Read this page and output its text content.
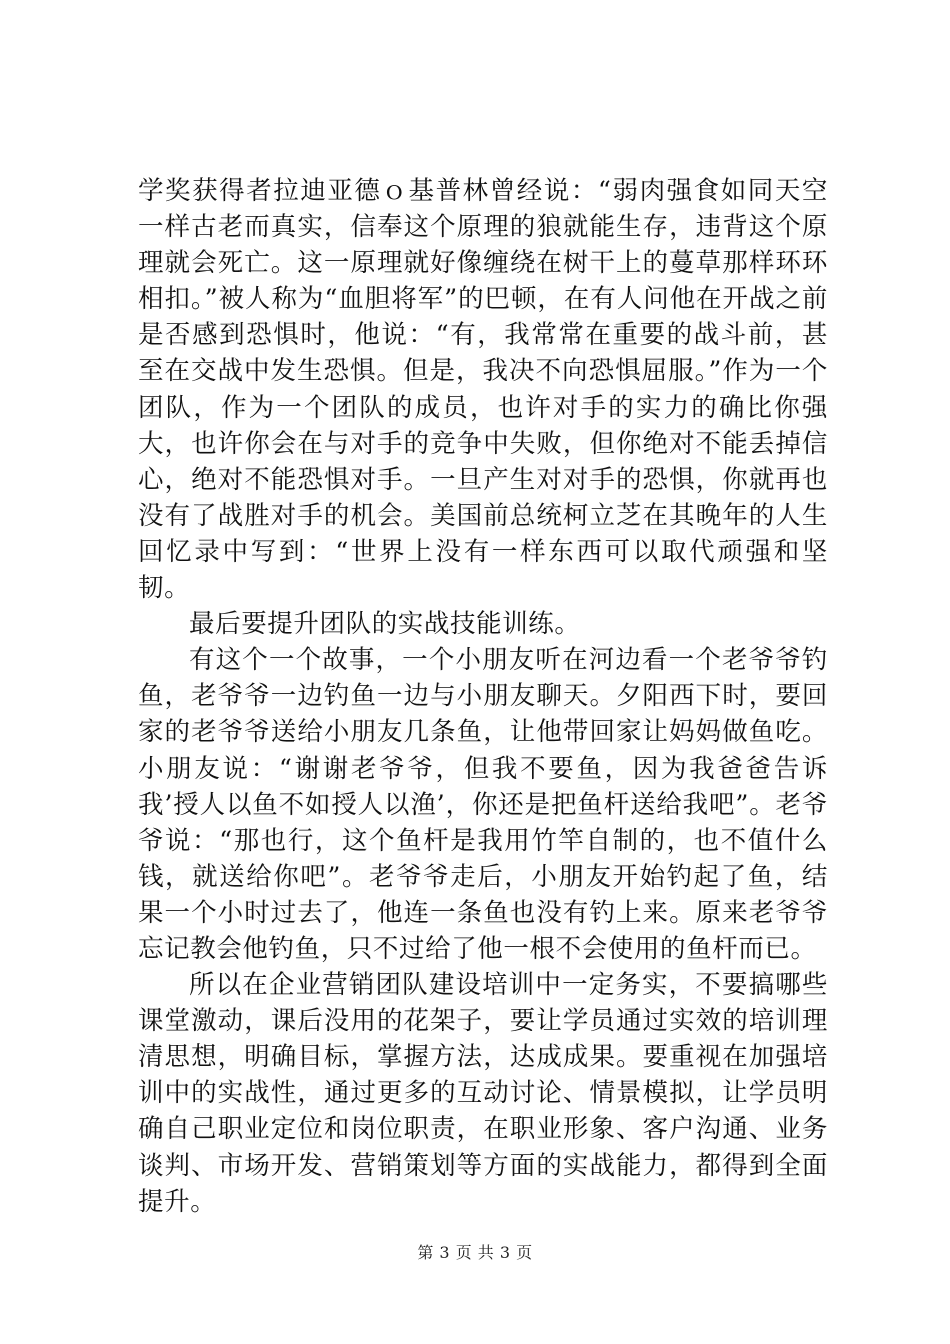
学奖获得者拉迪亚德ｏ基普林曾经说：“弱肉强食如同天空一样古老而真实，信奉这个原理的狼就能生存，违背这个原理就会死亡。这一原理就好像缠绕在树干上的蔓草那样环环相扣。”被人称为“血胆将军”的巴顿，在有人问他在开战之前是否感到恐惧时，他说：“有，我常常在重要的战斗前，甚至在交战中发生恐惧。但是，我决不向恐惧屈服。”作为一个团队，作为一个团队的成员，也许对手的实力的确比你强大，也许你会在与对手的竞争中失败，但你绝对不能丢掉信心，绝对不能恐惧对手。一旦产生对对手的恐惧，你就再也没有了战胜对手的机会。美国前总统柯立芝在其晚年的人生回忆录中写到：“世界上没有一样东西可以取代顽强和坚韧。

最后要提升团队的实战技能训练。

有这个一个故事，一个小朋友听在河边看一个老爷爷钓鱼，老爷爷一边钓鱼一边与小朋友聊天。夕阳西下时，要回家的老爷爷送给小朋友几条鱼，让他带回家让妈妈做鱼吃。小朋友说：“谢谢老爷爷，但我不要鱼，因为我爸爸告诉我’授人以鱼不如授人以渔’，你还是把鱼杆送给我吧”。老爷爷说：“那也行，这个鱼杆是我用竹竿自制的，也不值什么钱，就送给你吧”。老爷爷走后，小朋友开始钓起了鱼，结果一个小时过去了，他连一条鱼也没有钓上来。原来老爷爷忘记教会他钓鱼，只不过给了他一根不会使用的鱼杆而已。

所以在企业营销团队建设培训中一定务实，不要搞哪些课堂激动，课后没用的花架子，要让学员通过实效的培训理清思想，明确目标，掌握方法，达成成果。要重视在加强培训中的实战性，通过更多的互动讨论、情景模拟，让学员明确自己职业定位和岗位职责，在职业形象、客户沟通、业务谈判、市场开发、营销策划等方面的实战能力，都得到全面提升。

第 3 页 共 3 页
